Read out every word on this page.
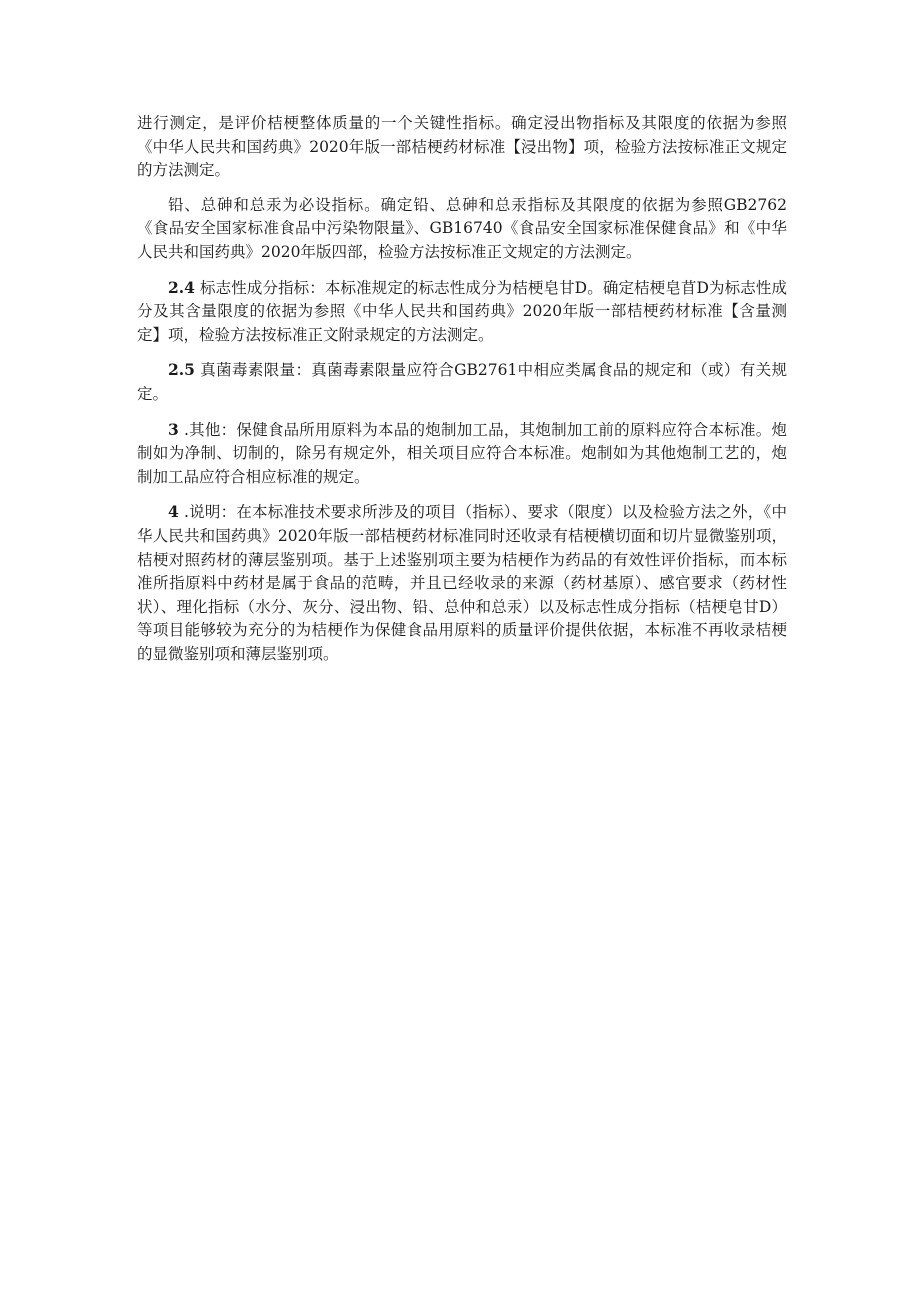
进行测定，是评价桔梗整体质量的一个关键性指标。确定浸出物指标及其限度的依据为参照《中华人民共和国药典》2020年版一部桔梗药材标准【浸出物】项，检验方法按标准正文规定的方法测定。

铅、总砷和总汞为必设指标。确定铅、总砷和总汞指标及其限度的依据为参照GB2762《食品安全国家标准食品中污染物限量》、GB16740《食品安全国家标准保健食品》和《中华人民共和国药典》2020年版四部，检验方法按标准正文规定的方法测定。

2.4 标志性成分指标：本标准规定的标志性成分为桔梗皂甘D。确定桔梗皂苜D为标志性成分及其含量限度的依据为参照《中华人民共和国药典》2020年版一部桔梗药材标准【含量测定】项，检验方法按标准正文附录规定的方法测定。

2.5 真菌毒素限量：真菌毒素限量应符合GB2761中相应类属食品的规定和（或）有关规定。

3 .其他：保健食品所用原料为本品的炮制加工品，其炮制加工前的原料应符合本标准。炮制如为净制、切制的，除另有规定外，相关项目应符合本标准。炮制如为其他炮制工艺的，炮制加工品应符合相应标准的规定。

4 .说明：在本标准技术要求所涉及的项目（指标）、要求（限度）以及检验方法之外，《中华人民共和国药典》2020年版一部桔梗药材标准同时还收录有桔梗横切面和切片显微鉴别项，桔梗对照药材的薄层鉴别项。基于上述鉴别项主要为桔梗作为药品的有效性评价指标，而本标准所指原料中药材是属于食品的范畴，并且已经收录的来源（药材基原）、感官要求（药材性状）、理化指标（水分、灰分、浸出物、铅、总仲和总汞）以及标志性成分指标（桔梗皂甘D）等项目能够较为充分的为桔梗作为保健食品用原料的质量评价提供依据，本标准不再收录桔梗的显微鉴别项和薄层鉴别项。
